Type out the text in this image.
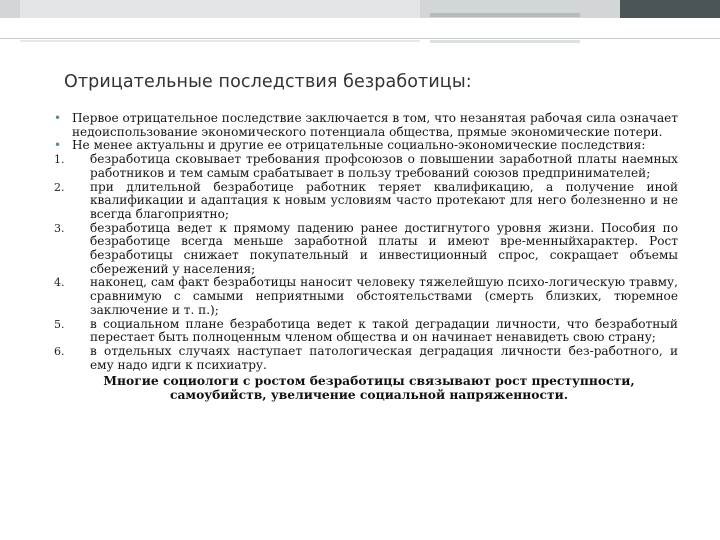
Отрицательные последствия безработицы:
• Первое отрицательное последствие заключается в том, что незанятая рабочая сила означает недоиспользование экономического потенциала общества, прямые экономические потери.
• Не менее актуальны и другие ее отрицательные социально-экономические последствия:
1. безработица сковывает требования профсоюзов о повышении заработной платы наемных работников и тем самым срабатывает в пользу требований союзов предпринимателей;
2. при длительной безработице работник теряет квалификацию, а получение иной квалификации и адаптация к новым условиям часто протекают для него болезненно и не всегда благоприятно;
3. безработица ведет к прямому падению ранее достигнутого уровня жизни. Пособия по безработице всегда меньше заработной платы и имеют вре-менныйхарактер. Рост безработицы снижает покупательный и инвестиционный спрос, сокращает объемы сбережений у населения;
4. наконец, сам факт безработицы наносит человеку тяжелейшую психо-логическую травму, сравнимую с самыми неприятными обстоятельствами (смерть близких, тюремное заключение и т. п.);
5. в социальном плане безработица ведет к такой деградации личности, что безработный перестает быть полноценным членом общества и он начинает ненавидеть свою страну;
6. в отдельных случаях наступает патологическая деградация личности без-работного, и ему надо идги к психиатру.
Многие социологи с ростом безработицы связывают рост преступности, самоубийств, увеличение социальной напряженности.
